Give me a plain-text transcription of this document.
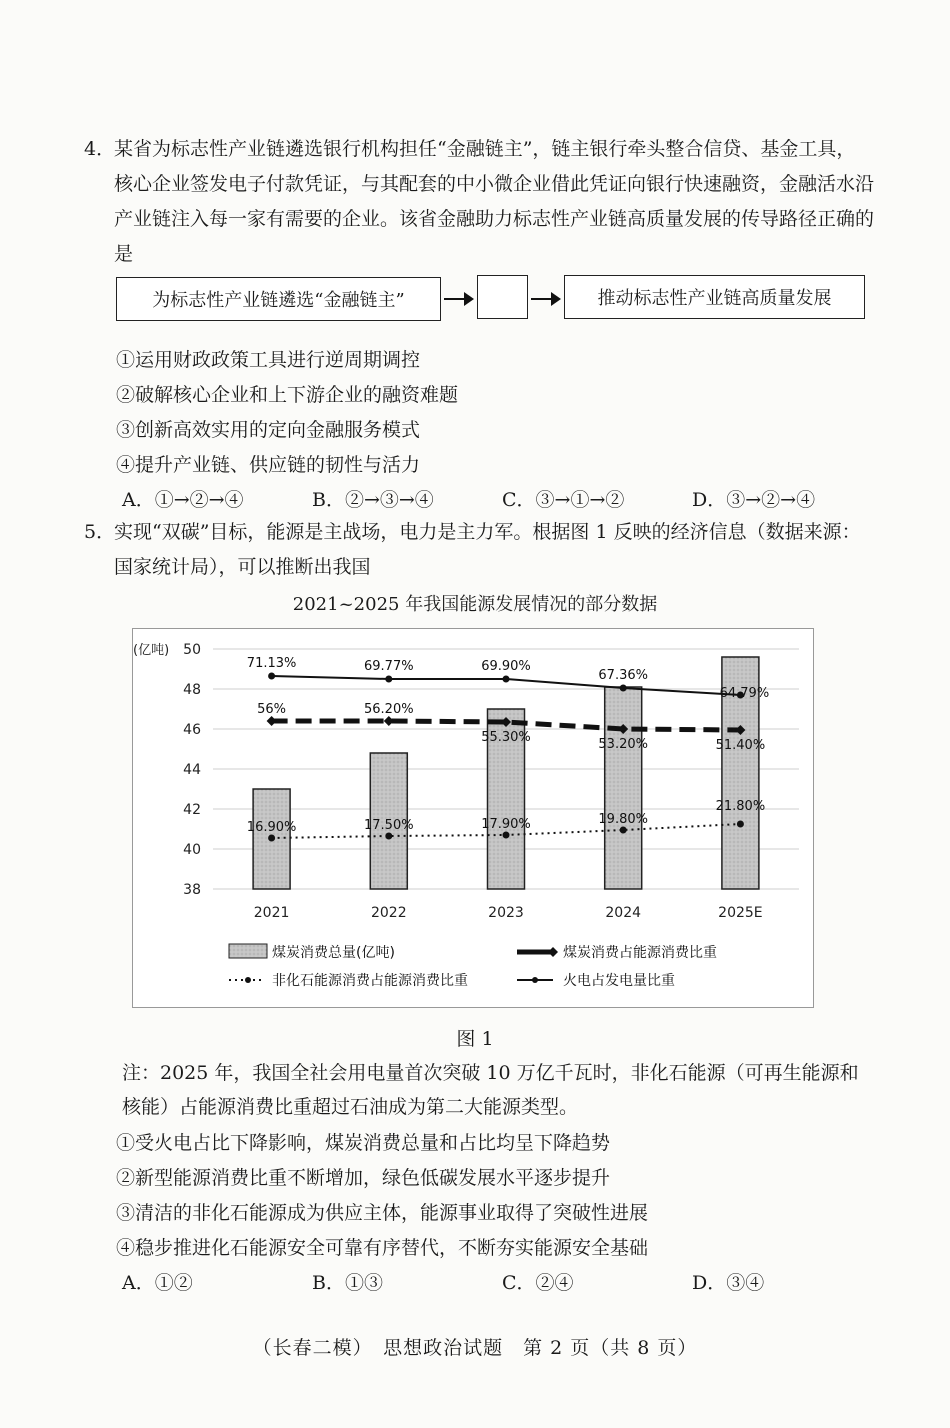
4．
某省为标志性产业链遴选银行机构担任“金融链主”，链主银行牵头整合信贷、基金工具，核心企业签发电子付款凭证，与其配套的中小微企业借此凭证向银行快速融资，金融活水沿产业链注入每一家有需要的企业。该省金融助力标志性产业链高质量发展的传导路径正确的是
为标志性产业链遴选“金融链主”	推动标志性产业链高质量发展
①运用财政政策工具进行逆周期调控
②破解核心企业和上下游企业的融资难题
③创新高效实用的定向金融服务模式
④提升产业链、供应链的韧性与活力
A．①→②→④	B．②→③→④	C．③→①→②	D．③→②→④
5．
实现“双碳”目标，能源是主战场，电力是主力军。根据图 1 反映的经济信息（数据来源：国家统计局），可以推断出我国
2021~2025 年我国能源发展情况的部分数据
38
40
42
44
46
48
50
(亿吨)
2021	2022	2023	2024	2025E
71.13%	69.77%	69.90%
67.36%
64.79%
56%	56.20%
55.30%	53.20%	51.40%
16.90%	17.50%	17.90%	19.80%
21.80%
煤炭消费总量(亿吨)	煤炭消费占能源消费比重
非化石能源消费占能源消费比重	火电占发电量比重
图 1
注：2025 年，我国全社会用电量首次突破 10 万亿千瓦时，非化石能源（可再生能源和核能）占能源消费比重超过石油成为第二大能源类型。
①受火电占比下降影响，煤炭消费总量和占比均呈下降趋势
②新型能源消费比重不断增加，绿色低碳发展水平逐步提升
③清洁的非化石能源成为供应主体，能源事业取得了突破性进展
④稳步推进化石能源安全可靠有序替代，不断夯实能源安全基础
A．①②	B．①③	C．②④	D．③④
（长春二模）　思想政治试题　第 2 页（共 8 页）
